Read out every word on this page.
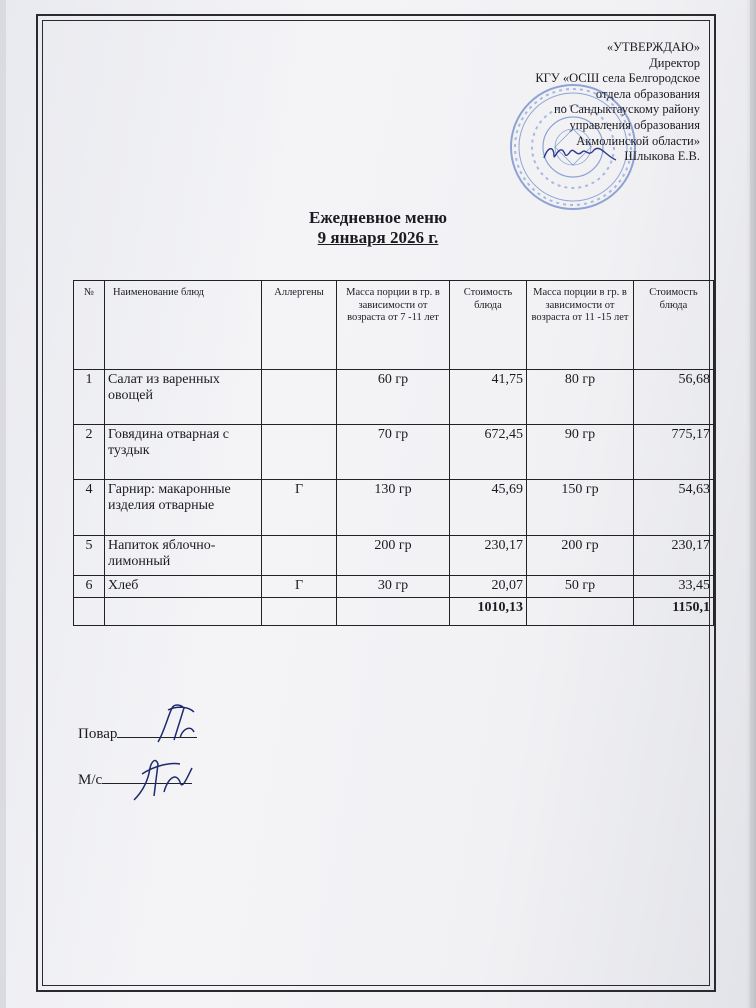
«УТВЕРЖДАЮ»
Директор
КГУ «ОСШ села Белгородское
отдела образования
по Сандыктаускому району
управления образования
Акмолинской области»
Шлыкова Е.В.
Ежедневное меню
9 января 2026 г.
№	Наименование блюд	Аллергены	Масса порции в гр. в зависимости от возраста от 7 -11 лет	Стоимость блюда	Масса порции в гр. в зависимости от возраста от 11 -15 лет	Стоимость блюда
1	Салат из варенных овощей		60 гр	41,75	80 гр	56,68
2	Говядина отварная с туздык		70 гр	672,45	90 гр	775,17
4	Гарнир: макаронные изделия отварные	Г	130 гр	45,69	150 гр	54,63
5	Напиток яблочно-лимонный		200 гр	230,17	200 гр	230,17
6	Хлеб	Г	30 гр	20,07	50 гр	33,45
				1010,13		1150,1
Повар
М/с
